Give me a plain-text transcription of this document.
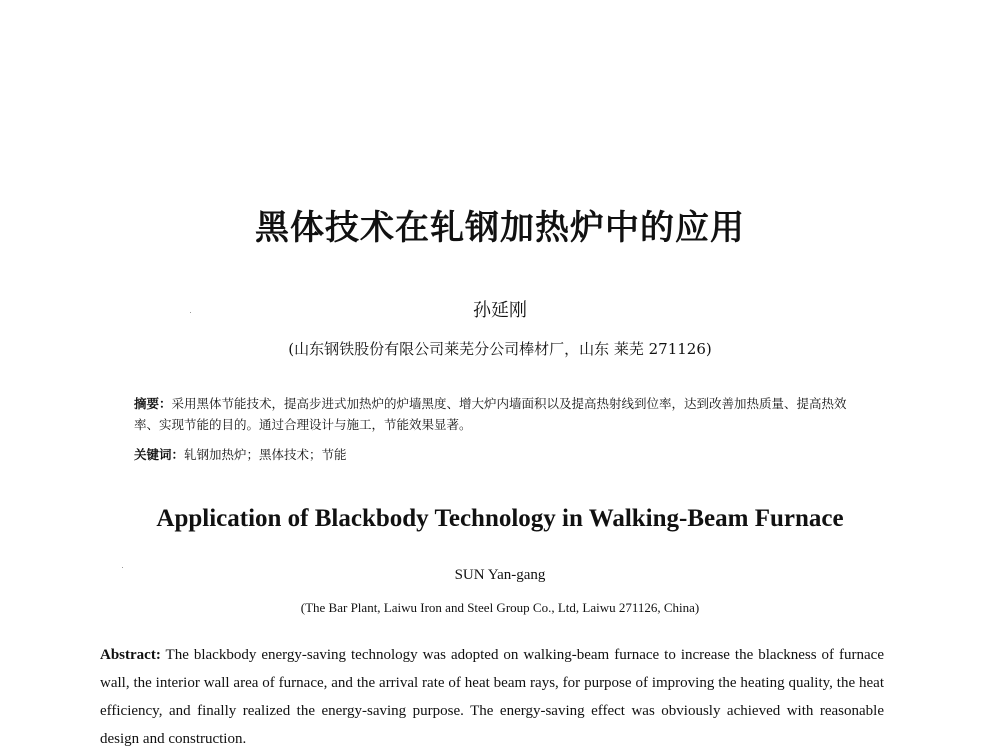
黑体技术在轧钢加热炉中的应用
孙延刚
(山东钢铁股份有限公司莱芜分公司棒材厂，山东 莱芜 271126)
摘要：采用黑体节能技术，提高步进式加热炉的炉墙黑度、增大炉内墙面积以及提高热射线到位率，达到改善加热质量、提高热效率、实现节能的目的。通过合理设计与施工，节能效果显著。
关键词：轧钢加热炉；黑体技术；节能
Application of Blackbody Technology in Walking-Beam Furnace
SUN Yan-gang
(The Bar Plant, Laiwu Iron and Steel Group Co., Ltd, Laiwu 271126, China)
Abstract: The blackbody energy-saving technology was adopted on walking-beam furnace to increase the blackness of furnace wall, the interior wall area of furnace, and the arrival rate of heat beam rays, for purpose of improving the heating quality, the heat efficiency, and finally realized the energy-saving purpose. The energy-saving effect was obviously achieved with reasonable design and construction.
